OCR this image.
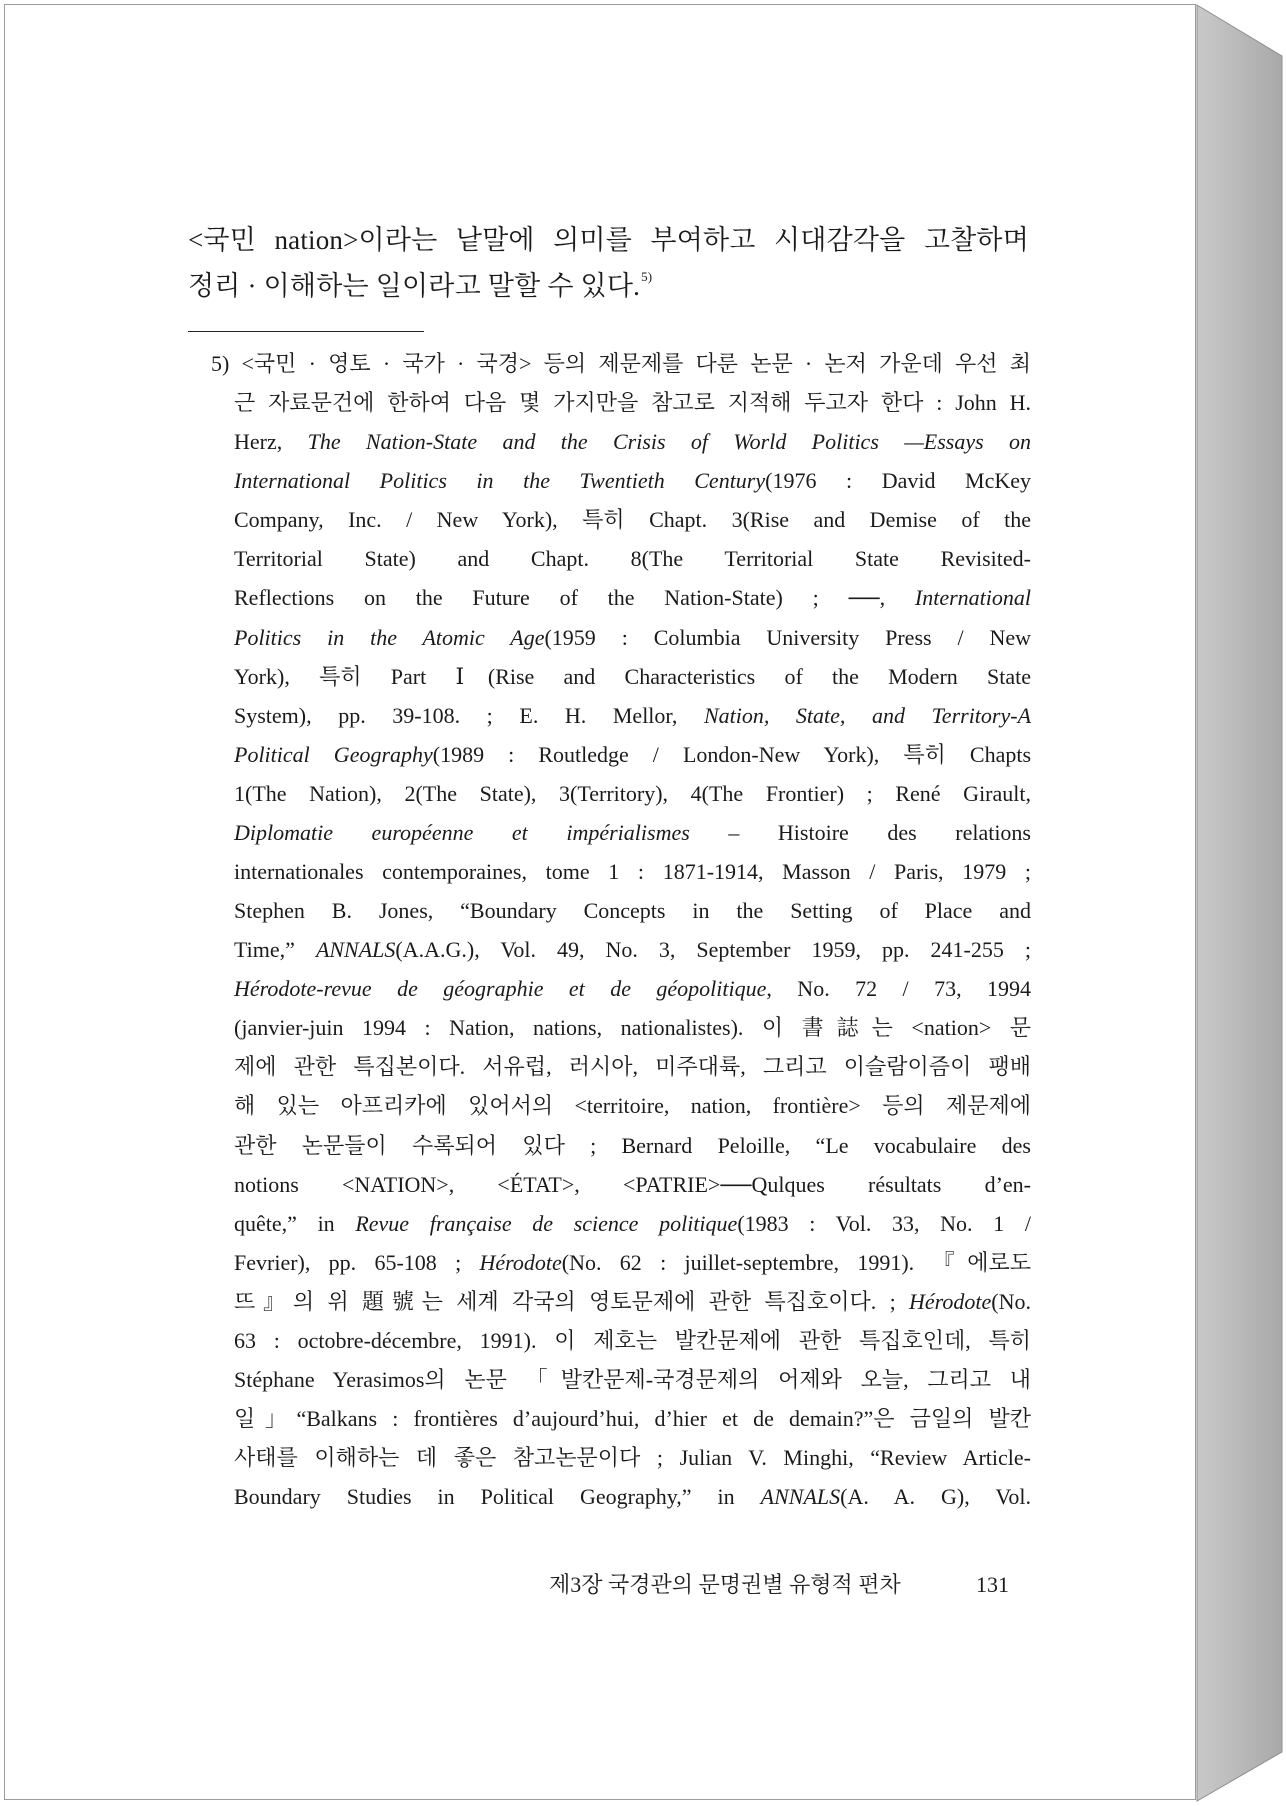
<국민 nation>이라는 낱말에 의미를 부여하고 시대감각을 고찰하며
정리 · 이해하는 일이라고 말할 수 있다.$^{5)}$
5) <국민 · 영토 · 국가 · 국경> 등의 제문제를 다룬 논문 · 논저 가운데 우선 최
근 자료문건에 한하여 다음 몇 가지만을 참고로 지적해 두고자 한다 : John H.
Herz, The Nation-State and the Crisis of World Politics —Essays on
International Politics in the Twentieth Century(1976 : David McKey
Company, Inc. / New York), 특히 Chapt. 3(Rise and Demise of the
Territorial State) and Chapt. 8(The Territorial State Revisited-
Reflections on the Future of the Nation-State) ; ──, International
Politics in the Atomic Age(1959 : Columbia University Press / New
York), 특히 Part Ⅰ(Rise and Characteristics of the Modern State
System), pp. 39-108. ; E. H. Mellor, Nation, State, and Territory-A
Political Geography(1989 : Routledge / London-New York), 특히 Chapts
1(The Nation), 2(The State), 3(Territory), 4(The Frontier) ; René Girault,
Diplomatie européenne et impérialismes – Histoire des relations
internationales contemporaines, tome 1 : 1871-1914, Masson / Paris, 1979 ;
Stephen B. Jones, “Boundary Concepts in the Setting of Place and
Time,” ANNALS(A.A.G.), Vol. 49, No. 3, September 1959, pp. 241-255 ;
Hérodote-revue de géographie et de géopolitique, No. 72 / 73, 1994
(janvier-juin 1994 : Nation, nations, nationalistes). 이 書誌는 <nation> 문
제에 관한 특집본이다. 서유럽, 러시아, 미주대륙, 그리고 이슬람이즘이 팽배
해 있는 아프리카에 있어서의 <territoire, nation, frontière> 등의 제문제에
관한 논문들이 수록되어 있다 ; Bernard Peloille, “Le vocabulaire des
notions <NATION>, <ÉTAT>, <PATRIE>──Qulques résultats d’en-
quête,” in Revue française de science politique(1983 : Vol. 33, No. 1 /
Fevrier), pp. 65-108 ; Hérodote(No. 62 : juillet-septembre, 1991). 『에로도
뜨』의 위 題號는 세계 각국의 영토문제에 관한 특집호이다. ; Hérodote(No.
63 : octobre-décembre, 1991). 이 제호는 발칸문제에 관한 특집호인데, 특히
Stéphane Yerasimos의 논문 「발칸문제-국경문제의 어제와 오늘, 그리고 내
일」“Balkans : frontières d’aujourd’hui, d’hier et de demain?”은 금일의 발칸
사태를 이해하는 데 좋은 참고논문이다 ; Julian V. Minghi, “Review Article-
Boundary Studies in Political Geography,” in ANNALS(A. A. G), Vol.
제3장 국경관의 문명권별 유형적 편차	131
